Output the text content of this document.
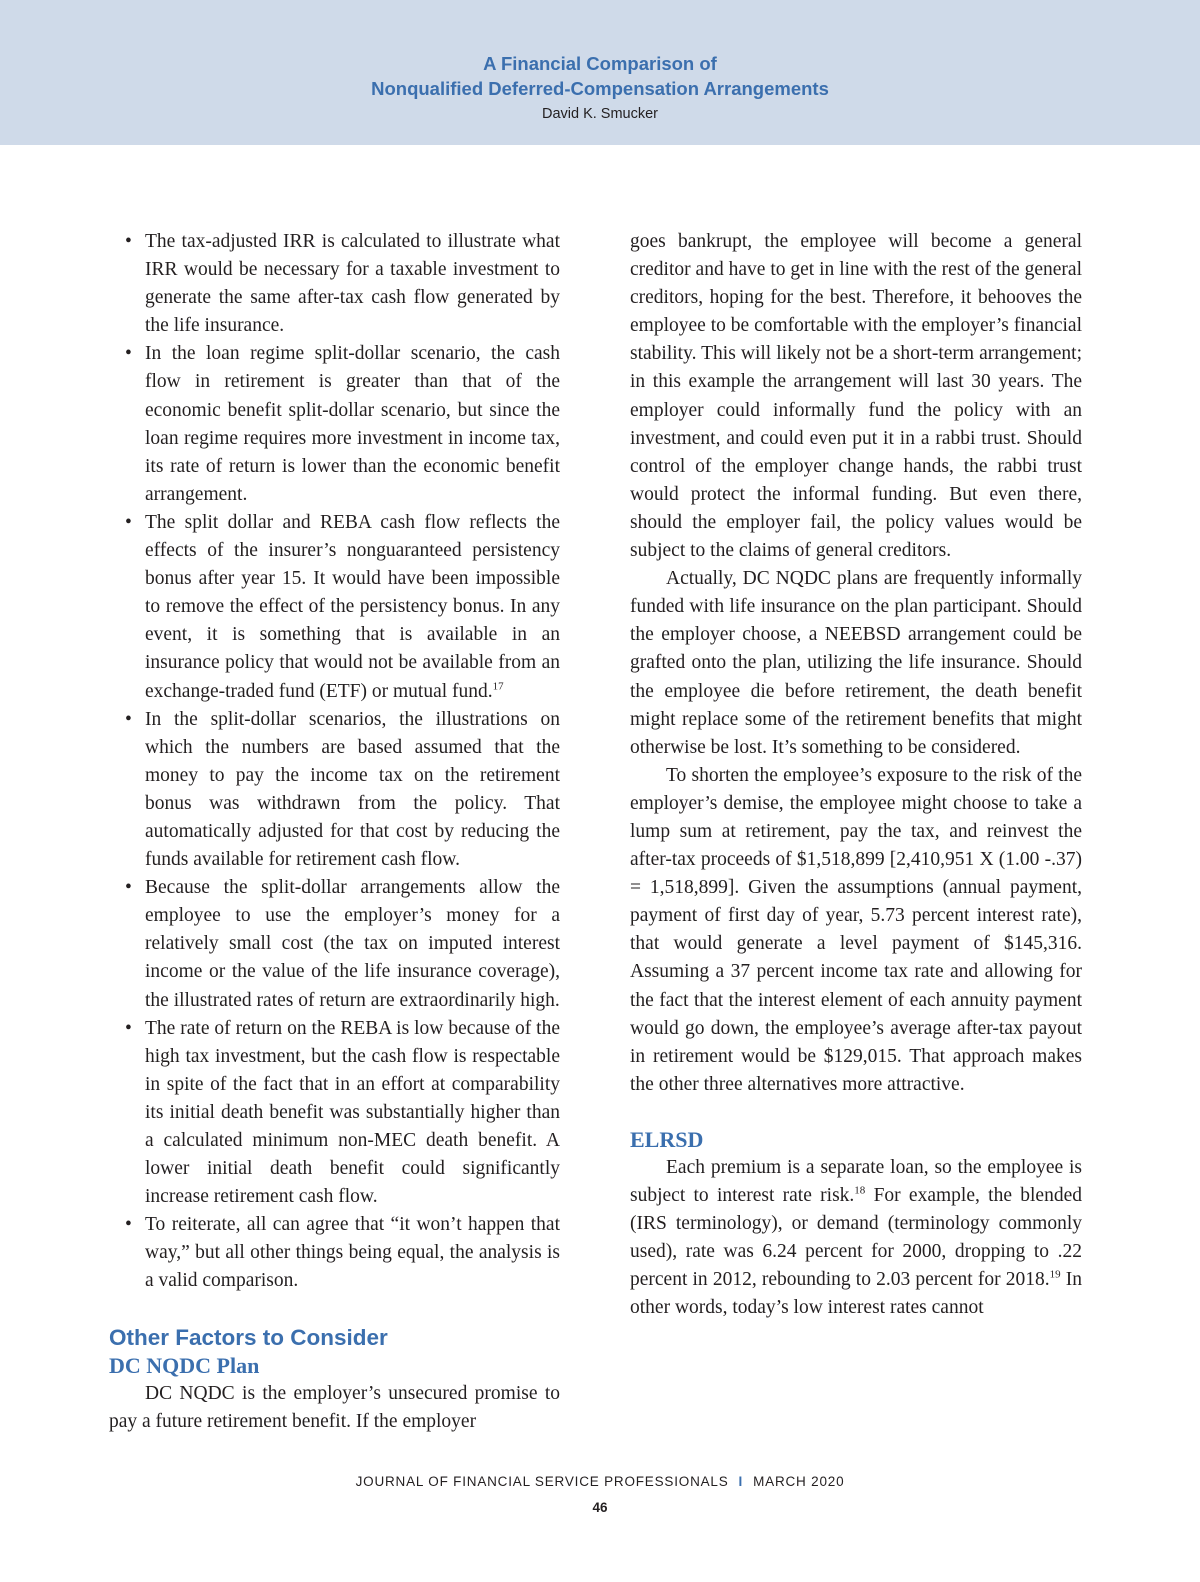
A Financial Comparison of
Nonqualified Deferred-Compensation Arrangements
David K. Smucker
• The tax-adjusted IRR is calculated to illustrate what IRR would be necessary for a taxable investment to generate the same after-tax cash flow generated by the life insurance.
• In the loan regime split-dollar scenario, the cash flow in retirement is greater than that of the economic benefit split-dollar scenario, but since the loan regime requires more investment in income tax, its rate of return is lower than the economic benefit arrangement.
• The split dollar and REBA cash flow reflects the effects of the insurer’s nonguaranteed persistency bonus after year 15. It would have been impossible to remove the effect of the persistency bonus. In any event, it is something that is available in an insurance policy that would not be available from an exchange-traded fund (ETF) or mutual fund.$^{17}$
• In the split-dollar scenarios, the illustrations on which the numbers are based assumed that the money to pay the income tax on the retirement bonus was withdrawn from the policy. That automatically adjusted for that cost by reducing the funds available for retirement cash flow.
• Because the split-dollar arrangements allow the employee to use the employer’s money for a relatively small cost (the tax on imputed interest income or the value of the life insurance coverage), the illustrated rates of return are extraordinarily high.
• The rate of return on the REBA is low because of the high tax investment, but the cash flow is respectable in spite of the fact that in an effort at comparability its initial death benefit was substantially higher than a calculated minimum non-MEC death benefit. A lower initial death benefit could significantly increase retirement cash flow.
• To reiterate, all can agree that “it won’t happen that way,” but all other things being equal, the analysis is a valid comparison.
Other Factors to Consider
DC NQDC Plan

DC NQDC is the employer’s unsecured promise to pay a future retirement benefit. If the employer

goes bankrupt, the employee will become a general creditor and have to get in line with the rest of the general creditors, hoping for the best. Therefore, it behooves the employee to be comfortable with the employer’s financial stability. This will likely not be a short-term arrangement; in this example the arrangement will last 30 years. The employer could informally fund the policy with an investment, and could even put it in a rabbi trust. Should control of the employer change hands, the rabbi trust would protect the informal funding. But even there, should the employer fail, the policy values would be subject to the claims of general creditors.

Actually, DC NQDC plans are frequently informally funded with life insurance on the plan participant. Should the employer choose, a NEEBSD arrangement could be grafted onto the plan, utilizing the life insurance. Should the employee die before retirement, the death benefit might replace some of the retirement benefits that might otherwise be lost. It’s something to be considered.

To shorten the employee’s exposure to the risk of the employer’s demise, the employee might choose to take a lump sum at retirement, pay the tax, and reinvest the after-tax proceeds of $1,518,899 [2,410,951 X (1.00 -.37) = 1,518,899]. Given the assumptions (annual payment, payment of first day of year, 5.73 percent interest rate), that would generate a level payment of $145,316. Assuming a 37 percent income tax rate and allowing for the fact that the interest element of each annuity payment would go down, the employee’s average after-tax payout in retirement would be $129,015. That approach makes the other three alternatives more attractive.

ELRSD

Each premium is a separate loan, so the employee is subject to interest rate risk.$^{18}$ For example, the blended (IRS terminology), or demand (terminology commonly used), rate was 6.24 percent for 2000, dropping to .22 percent in 2012, rebounding to 2.03 percent for 2018.19 In other words, today’s low interest rates cannot

JOURNAL OF FINANCIAL SERVICE PROFESSIONALS I MARCH 2020
46
